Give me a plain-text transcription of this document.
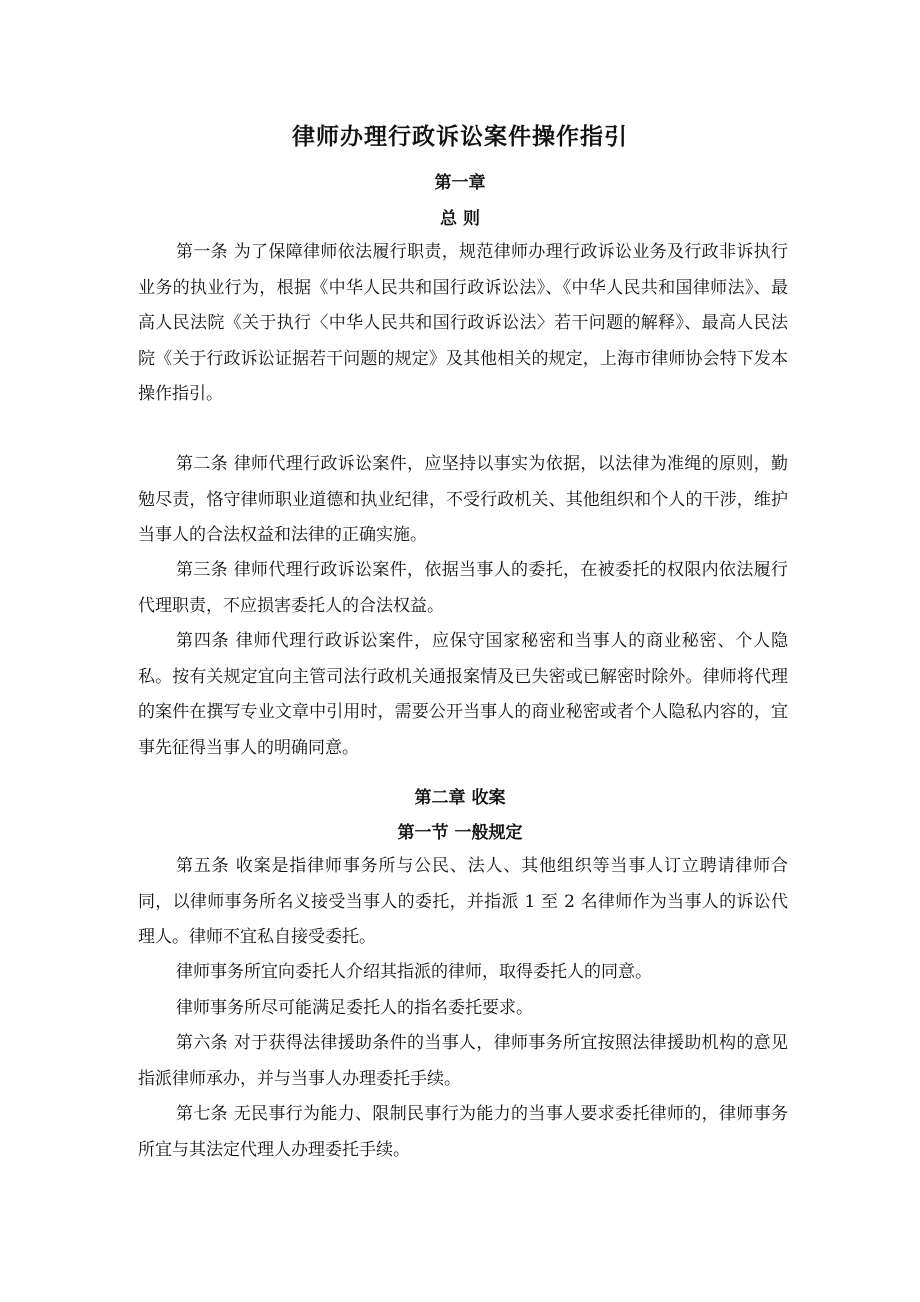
律师办理行政诉讼案件操作指引
第一章
总 则

第一条 为了保障律师依法履行职责，规范律师办理行政诉讼业务及行政非诉执行业务的执业行为，根据《中华人民共和国行政诉讼法》、《中华人民共和国律师法》、最高人民法院《关于执行〈中华人民共和国行政诉讼法〉若干问题的解释》、最高人民法院《关于行政诉讼证据若干问题的规定》及其他相关的规定，上海市律师协会特下发本操作指引。

第二条 律师代理行政诉讼案件，应坚持以事实为依据，以法律为准绳的原则，勤勉尽责，恪守律师职业道德和执业纪律，不受行政机关、其他组织和个人的干涉，维护当事人的合法权益和法律的正确实施。

第三条 律师代理行政诉讼案件，依据当事人的委托，在被委托的权限内依法履行代理职责，不应损害委托人的合法权益。

第四条 律师代理行政诉讼案件，应保守国家秘密和当事人的商业秘密、个人隐私。按有关规定宜向主管司法行政机关通报案情及已失密或已解密时除外。律师将代理的案件在撰写专业文章中引用时，需要公开当事人的商业秘密或者个人隐私内容的，宜事先征得当事人的明确同意。

第二章 收案
第一节 一般规定

第五条 收案是指律师事务所与公民、法人、其他组织等当事人订立聘请律师合同，以律师事务所名义接受当事人的委托，并指派 1 至 2 名律师作为当事人的诉讼代理人。律师不宜私自接受委托。

律师事务所宜向委托人介绍其指派的律师，取得委托人的同意。

律师事务所尽可能满足委托人的指名委托要求。

第六条 对于获得法律援助条件的当事人，律师事务所宜按照法律援助机构的意见指派律师承办，并与当事人办理委托手续。

第七条 无民事行为能力、限制民事行为能力的当事人要求委托律师的，律师事务所宜与其法定代理人办理委托手续。
